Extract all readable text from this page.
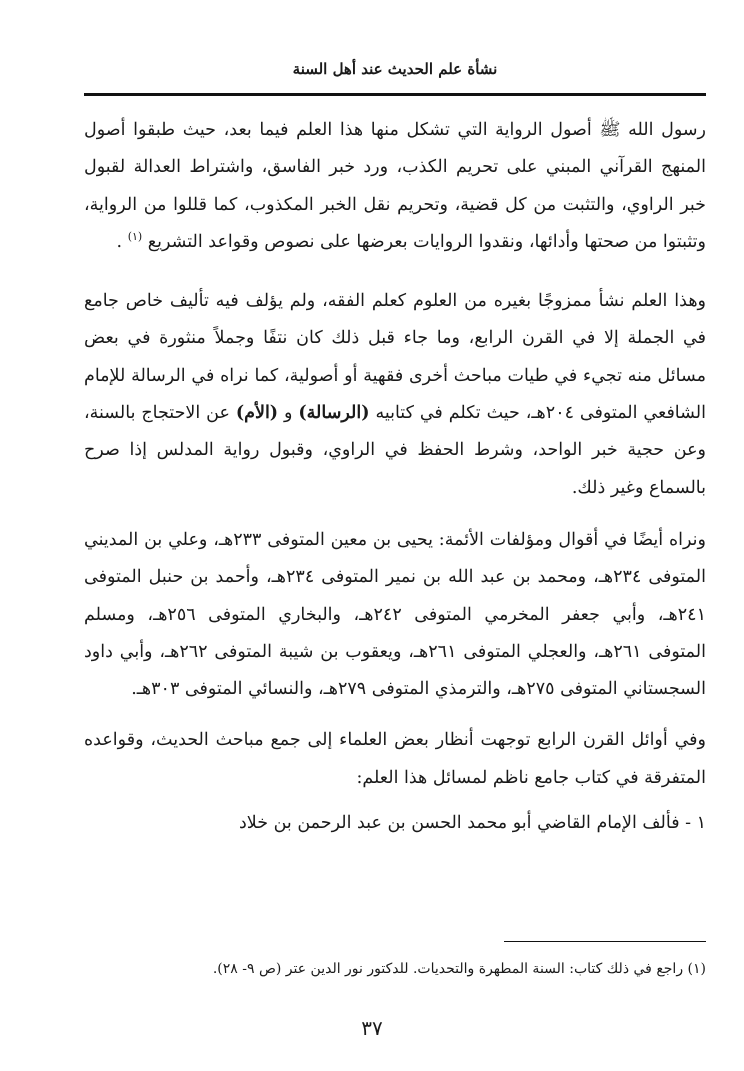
نشأة علم الحديث عند أهل السنة

رسول الله ﷺ أصول الرواية التي تشكل منها هذا العلم فيما بعد، حيث طبقوا أصول المنهج القرآني المبني على تحريم الكذب، ورد خبر الفاسق، واشتراط العدالة لقبول خبر الراوي، والتثبت من كل قضية، وتحريم نقل الخبر المكذوب، كما قللوا من الرواية، وتثبتوا من صحتها وأدائها، ونقدوا الروايات بعرضها على نصوص وقواعد التشريع $^{(١)}$ .

وهذا العلم نشأ ممزوجًا بغيره من العلوم كعلم الفقه، ولم يؤلف فيه تأليف خاص جامع في الجملة إلا في القرن الرابع، وما جاء قبل ذلك كان نتفًا وجملاً منثورة في بعض مسائل منه تجيء في طيات مباحث أخرى فقهية أو أصولية، كما نراه في الرسالة للإمام الشافعي المتوفى ٢٠٤هـ، حيث تكلم في كتابيه (الرسالة) و (الأم) عن الاحتجاج بالسنة، وعن حجية خبر الواحد، وشرط الحفظ في الراوي، وقبول رواية المدلس إذا صرح بالسماع وغير ذلك.

ونراه أيضًا في أقوال ومؤلفات الأئمة: يحيى بن معين المتوفى ٢٣٣هـ، وعلي بن المديني المتوفى ٢٣٤هـ، ومحمد بن عبد الله بن نمير المتوفى ٢٣٤هـ، وأحمد بن حنبل المتوفى ٢٤١هـ، وأبي جعفر المخرمي المتوفى ٢٤٢هـ، والبخاري المتوفى ٢٥٦هـ، ومسلم المتوفى ٢٦١هـ، والعجلي المتوفى ٢٦١هـ، ويعقوب بن شيبة المتوفى ٢٦٢هـ، وأبي داود السجستاني المتوفى ٢٧٥هـ، والترمذي المتوفى ٢٧٩هـ، والنسائي المتوفى ٣٠٣هـ.

وفي أوائل القرن الرابع توجهت أنظار بعض العلماء إلى جمع مباحث الحديث، وقواعده المتفرقة في كتاب جامع ناظم لمسائل هذا العلم:

١ - فألف الإمام القاضي أبو محمد الحسن بن عبد الرحمن بن خلاد

(١) راجع في ذلك كتاب: السنة المطهرة والتحديات. للدكتور نور الدين عتر (ص ٩- ٢٨).
٣٧
